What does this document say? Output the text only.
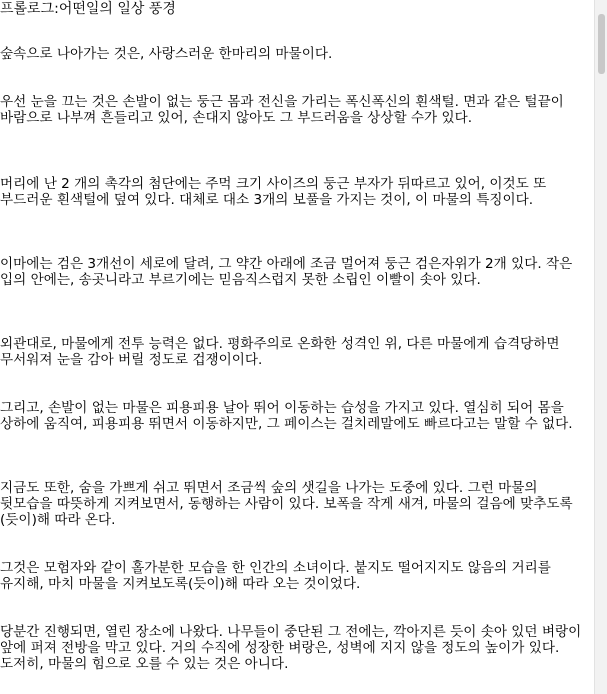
프롤로그:어떤일의 일상 풍경

숲속으로 나아가는 것은, 사랑스러운 한마리의 마물이다.

우선 눈을 끄는 것은 손발이 없는 둥근 몸과 전신을 가리는 폭신폭신의 흰색털. 면과 같은 털끝이 바람으로 나부껴 흔들리고 있어, 손대지 않아도 그 부드러움을 상상할 수가 있다.

머리에 난 2 개의 촉각의 첨단에는 주먹 크기 사이즈의 둥근 부자가 뒤따르고 있어, 이것도 또 부드러운 흰색털에 덮여 있다. 대체로 대소 3개의 보풀을 가지는 것이, 이 마물의 특징이다.

이마에는 검은 3개선이 세로에 달려, 그 약간 아래에 조금 멀어져 둥근 검은자위가 2개 있다. 작은 입의 안에는, 송곳니라고 부르기에는 믿음직스럽지 못한 소립인 이빨이 솟아 있다.

외관대로, 마물에게 전투 능력은 없다. 평화주의로 온화한 성격인 위, 다른 마물에게 습격당하면 무서워져 눈을 감아 버릴 정도로 겁쟁이이다.

그리고, 손발이 없는 마물은 피용피용 날아 뛰어 이동하는 습성을 가지고 있다. 열심히 되어 몸을 상하에 움직여, 피용피용 뛰면서 이동하지만, 그 페이스는 걸치레말에도 빠르다고는 말할 수 없다.

지금도 또한, 숨을 가쁘게 쉬고 뛰면서 조금씩 숲의 샛길을 나가는 도중에 있다. 그런 마물의 뒷모습을 따뜻하게 지켜보면서, 동행하는 사람이 있다. 보폭을 작게 새겨, 마물의 걸음에 맞추도록(듯이)해 따라 온다.

그것은 모험자와 같이 홀가분한 모습을 한 인간의 소녀이다. 붙지도 떨어지지도 않음의 거리를 유지해, 마치 마물을 지켜보도록(듯이)해 따라 오는 것이었다.

당분간 진행되면, 열린 장소에 나왔다. 나무들이 중단된 그 전에는, 깍아지른 듯이 솟아 있던 벼랑이 앞에 퍼져 전방을 막고 있다. 거의 수직에 성장한 벼랑은, 성벽에 지지 않을 정도의 높이가 있다. 도저히, 마물의 힘으로 오를 수 있는 것은 아니다.
